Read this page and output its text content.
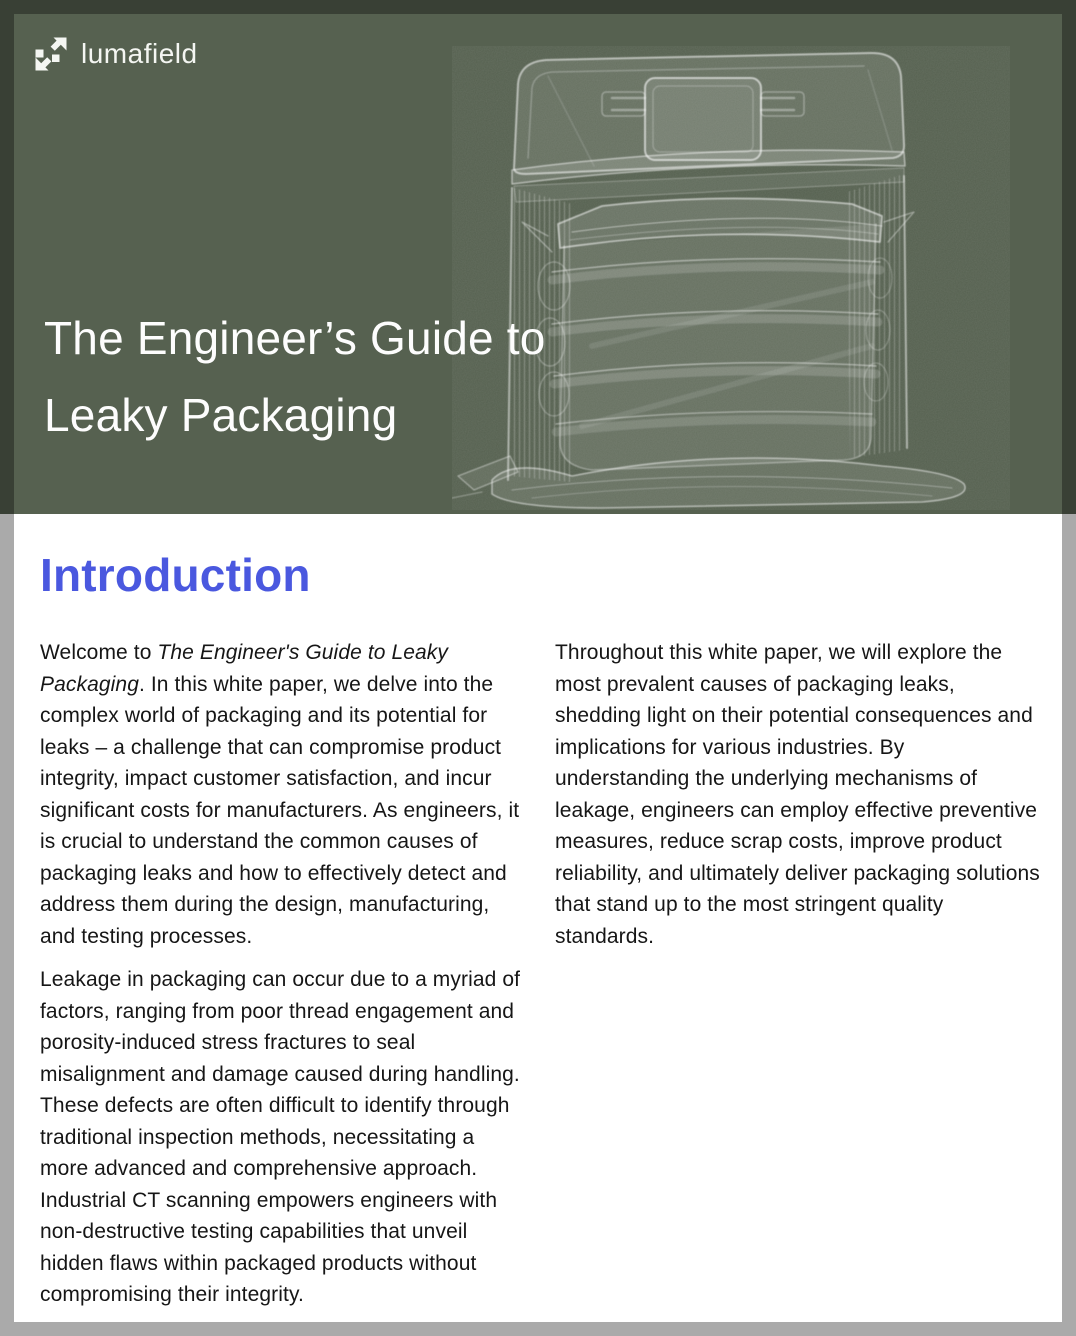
lumafield
The Engineer’s Guide to
Leaky Packaging
Introduction

Welcome to The Engineer's Guide to Leaky Packaging. In this white paper, we delve into the complex world of packaging and its potential for leaks – a challenge that can compromise product integrity, impact customer satisfaction, and incur significant costs for manufacturers. As engineers, it is crucial to understand the common causes of packaging leaks and how to effectively detect and address them during the design, manufacturing, and testing processes.

Leakage in packaging can occur due to a myriad of factors, ranging from poor thread engagement and porosity-induced stress fractures to seal misalignment and damage caused during handling. These defects are often difficult to identify through traditional inspection methods, necessitating a more advanced and comprehensive approach. Industrial CT scanning empowers engineers with non-destructive testing capabilities that unveil hidden flaws within packaged products without compromising their integrity.

Throughout this white paper, we will explore the most prevalent causes of packaging leaks, shedding light on their potential consequences and implications for various industries. By understanding the underlying mechanisms of leakage, engineers can employ effective preventive measures, reduce scrap costs, improve product reliability, and ultimately deliver packaging solutions that stand up to the most stringent quality standards.
